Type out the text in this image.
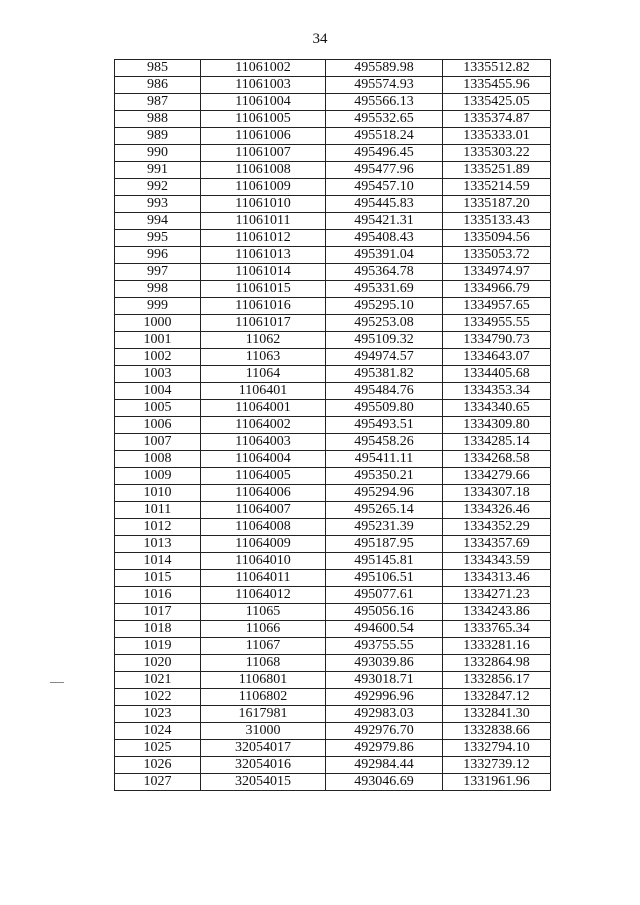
34
985	11061002	495589.98	1335512.82
986	11061003	495574.93	1335455.96
987	11061004	495566.13	1335425.05
988	11061005	495532.65	1335374.87
989	11061006	495518.24	1335333.01
990	11061007	495496.45	1335303.22
991	11061008	495477.96	1335251.89
992	11061009	495457.10	1335214.59
993	11061010	495445.83	1335187.20
994	11061011	495421.31	1335133.43
995	11061012	495408.43	1335094.56
996	11061013	495391.04	1335053.72
997	11061014	495364.78	1334974.97
998	11061015	495331.69	1334966.79
999	11061016	495295.10	1334957.65
1000	11061017	495253.08	1334955.55
1001	11062	495109.32	1334790.73
1002	11063	494974.57	1334643.07
1003	11064	495381.82	1334405.68
1004	1106401	495484.76	1334353.34
1005	11064001	495509.80	1334340.65
1006	11064002	495493.51	1334309.80
1007	11064003	495458.26	1334285.14
1008	11064004	495411.11	1334268.58
1009	11064005	495350.21	1334279.66
1010	11064006	495294.96	1334307.18
1011	11064007	495265.14	1334326.46
1012	11064008	495231.39	1334352.29
1013	11064009	495187.95	1334357.69
1014	11064010	495145.81	1334343.59
1015	11064011	495106.51	1334313.46
1016	11064012	495077.61	1334271.23
1017	11065	495056.16	1334243.86
1018	11066	494600.54	1333765.34
1019	11067	493755.55	1333281.16
1020	11068	493039.86	1332864.98
1021	1106801	493018.71	1332856.17
1022	1106802	492996.96	1332847.12
1023	1617981	492983.03	1332841.30
1024	31000	492976.70	1332838.66
1025	32054017	492979.86	1332794.10
1026	32054016	492984.44	1332739.12
1027	32054015	493046.69	1331961.96
